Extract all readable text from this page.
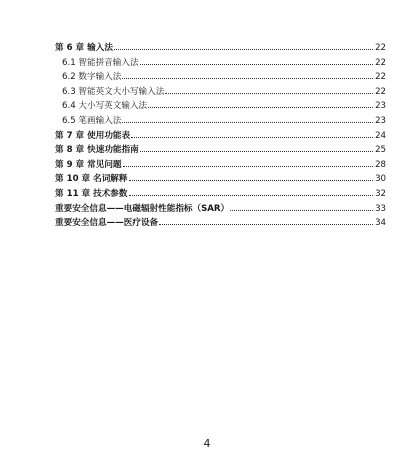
第 6 章 输入法	22
6.1 智能拼音输入法	22
6.2 数字输入法	22
6.3 智能英文大小写输入法	22
6.4 大小写英文输入法	23
6.5 笔画输入法	23
第 7 章 使用功能表	24
第 8 章 快速功能指南	25
第 9 章 常见问题	28
第 10 章 名词解释	30
第 11 章 技术参数	32
重要安全信息——电磁辐射性能指标（SAR）	33
重要安全信息——医疗设备	34
4
